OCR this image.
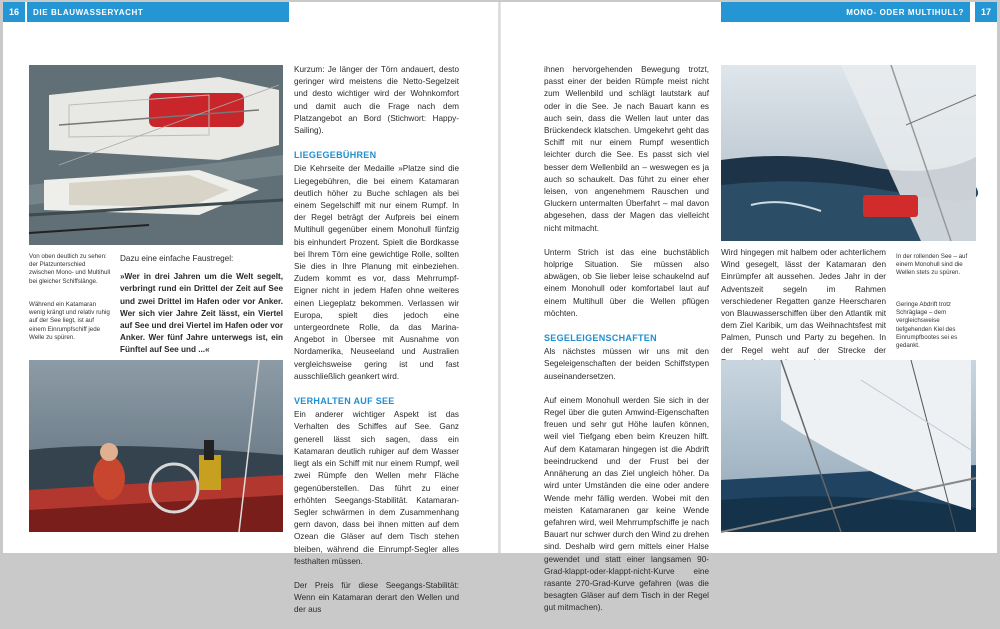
16	DIE BLAUWASSERYACHT
Von oben deutlich zu sehen: der Platzunterschied zwischen Mono- und Multihull bei gleicher Schiffslänge.
Während ein Katamaran wenig krängt und relativ ruhig auf der See liegt, ist auf einem Einrumpfschiff jede Welle zu spüren.

Dazu eine einfache Faustregel:

»Wer in drei Jahren um die Welt segelt, verbringt rund ein Drittel der Zeit auf See und zwei Drittel im Hafen oder vor Anker. Wer sich vier Jahre Zeit lässt, ein Viertel auf See und drei Viertel im Hafen oder vor Anker. Wer fünf Jahre unterwegs ist, ein Fünftel auf See und ...«

Kurzum: Je länger der Törn andauert, desto geringer wird meistens die Netto-Segelzeit und desto wichtiger wird der Wohnkomfort und damit auch die Frage nach dem Platzangebot an Bord (Stichwort: Happy-Sailing).

LIEGEGEBÜHREN

Die Kehrseite der Medaille »Platze sind die Liegegebühren, die bei einem Katamaran deutlich höher zu Buche schlagen als bei einem Segelschiff mit nur einem Rumpf. In der Regel beträgt der Aufpreis bei einem Multihull gegenüber einem Monohull fünfzig bis einhundert Prozent. Spielt die Bordkasse bei Ihrem Törn eine gewichtige Rolle, sollten Sie dies in Ihre Planung mit einbeziehen. Zudem kommt es vor, dass Mehrrumpf-Eigner nicht in jedem Hafen ohne weiteres einen Liegeplatz bekommen. Verlassen wir Europa, spielt dies jedoch eine untergeordnete Rolle, da das Marina-Angebot in Übersee mit Ausnahme von Nordamerika, Neuseeland und Australien vergleichsweise gering ist und fast ausschließlich geankert wird.

VERHALTEN AUF SEE

Ein anderer wichtiger Aspekt ist das Verhalten des Schiffes auf See. Ganz generell lässt sich sagen, dass ein Katamaran deutlich ruhiger auf dem Wasser liegt als ein Schiff mit nur einem Rumpf, weil zwei Rümpfe den Wellen mehr Fläche gegenüberstellen. Das führt zu einer erhöhten Seegangs-Stabilität. Katamaran-Segler schwärmen in dem Zusammenhang gern davon, dass bei ihnen mitten auf dem Ozean die Gläser auf dem Tisch stehen bleiben, während die Einrumpf-Segler alles festhalten müssen.

Der Preis für diese Seegangs-Stabilität: Wenn ein Katamaran derart den Wellen und der aus

MONO- ODER MULTIHULL?	17

ihnen hervorgehenden Bewegung trotzt, passt einer der beiden Rümpfe meist nicht zum Wellenbild und schlägt lautstark auf oder in die See. Je nach Bauart kann es auch sein, dass die Wellen laut unter das Brückendeck klatschen. Umgekehrt geht das Schiff mit nur einem Rumpf wesentlich leichter durch die See. Es passt sich viel besser dem Wellenbild an – weswegen es ja auch so schaukelt. Das führt zu einer eher leisen, von angenehmem Rauschen und Gluckern untermalten Überfahrt – mal davon abgesehen, dass der Magen das vielleicht nicht mitmacht.

Unterm Strich ist das eine buchstäblich holprige Situation. Sie müssen also abwägen, ob Sie lieber leise schaukelnd auf einem Monohull oder komfortabel laut auf einem Multihull über die Wellen pflügen möchten.

SEGELEIGENSCHAFTEN

Als nächstes müssen wir uns mit den Segeleigenschaften der beiden Schiffstypen auseinandersetzen.

Auf einem Monohull werden Sie sich in der Regel über die guten Amwind-Eigenschaften freuen und sehr gut Höhe laufen können, weil viel Tiefgang eben beim Kreuzen hilft. Auf dem Katamaran hingegen ist die Abdrift beeindruckend und der Frust bei der Annäherung an das Ziel ungleich höher. Da wird unter Umständen die eine oder andere Wende mehr fällig werden. Wobei mit den meisten Katamaranen gar keine Wende gefahren wird, weil Mehrrumpfschiffe je nach Bauart nur schwer durch den Wind zu drehen sind. Deshalb wird gern mittels einer Halse gewendet und statt einer langsamen 90-Grad-klappt-oder-klappt-nicht-Kurve eine rasante 270-Grad-Kurve gefahren (was die besagten Gläser auf dem Tisch in der Regel gut mitmachen).

Wird hingegen mit halbem oder achterlichem Wind gesegelt, lässt der Katamaran den Einrümpfer alt aussehen. Jedes Jahr in der Adventszeit segeln im Rahmen verschiedener Regatten ganze Heerscharen von Blauwasserschiffen über den Atlantik mit dem Ziel Karibik, um das Weihnachtsfest mit Palmen, Punsch und Party zu begehen. In der Regel weht auf der Strecke der

In der rollenden See – auf einem Monohull sind die Wellen stets zu spüren.
Geringe Abdrift trotz Schräglage – dem vergleichsweise tiefgehenden Kiel des Einrumpfbootes sei es gedankt.
